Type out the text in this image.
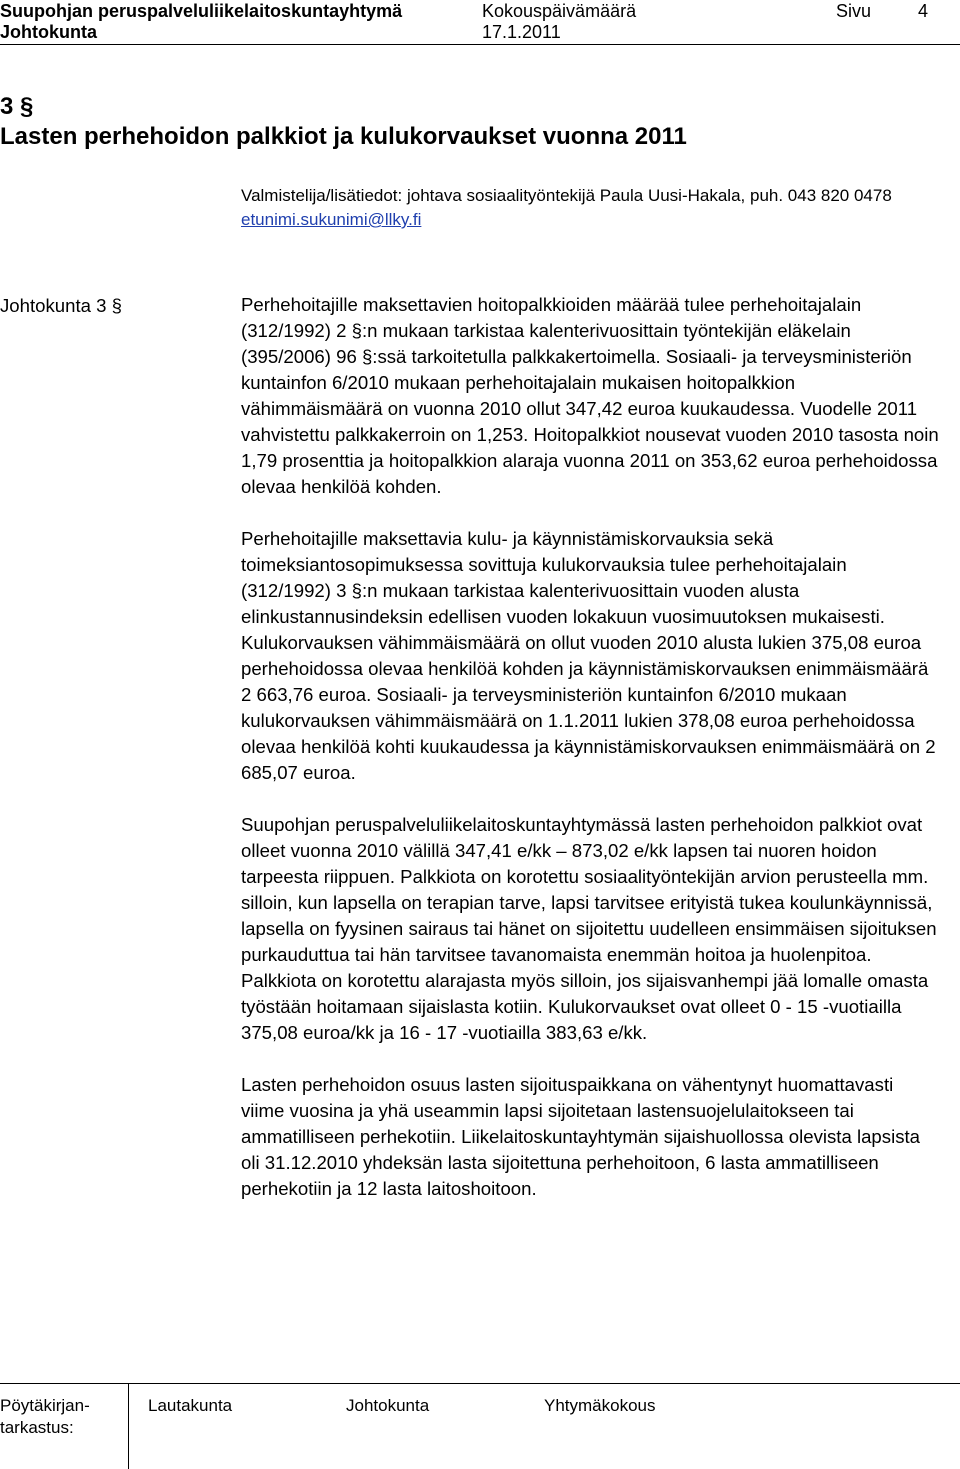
Suupohjan peruspalveluliikelaitoskuntayhtymä	Kokouspäivämäärä	Sivu	4
Johtokunta	17.1.2011
3 §
Lasten perhehoidon palkkiot ja kulukorvaukset vuonna 2011
Valmistelija/lisätiedot: johtava sosiaalityöntekijä Paula Uusi-Hakala, puh. 043 820 0478
etunimi.sukunimi@llky.fi
Johtokunta 3 §	Perhehoitajille maksettavien hoitopalkkioiden määrää tulee perhehoitajalain (312/1992) 2 §:n mukaan tarkistaa kalenterivuosittain työntekijän eläkelain (395/2006) 96 §:ssä tarkoitetulla palkkakertoimella. Sosiaali- ja terveysministeriön kuntainfon 6/2010 mukaan perhehoitajalain mukaisen hoitopalkkion vähimmäismäärä on vuonna 2010 ollut 347,42 euroa kuukaudessa. Vuodelle 2011 vahvistettu palkkakerroin on 1,253. Hoitopalkkiot nousevat vuoden 2010 tasosta noin 1,79 prosenttia ja hoitopalkkion alaraja vuonna 2011 on 353,62 euroa perhehoidossa olevaa henkilöä kohden.

Perhehoitajille maksettavia kulu- ja käynnistämiskorvauksia sekä toimeksiantosopimuksessa sovittuja kulukorvauksia tulee perhehoitajalain (312/1992) 3 §:n mukaan tarkistaa kalenterivuosittain vuoden alusta elinkustannusindeksin edellisen vuoden lokakuun vuosimuutoksen mukaisesti. Kulukorvauksen vähimmäismäärä on ollut vuoden 2010 alusta lukien 375,08 euroa perhehoidossa olevaa henkilöä kohden ja käynnistämiskorvauksen enimmäismäärä 2 663,76 euroa. Sosiaali- ja terveysministeriön kuntainfon 6/2010 mukaan kulukorvauksen vähimmäismäärä on 1.1.2011 lukien 378,08 euroa perhehoidossa olevaa henkilöä kohti kuukaudessa ja käynnistämiskorvauksen enimmäismäärä on 2 685,07 euroa.

Suupohjan peruspalveluliikelaitoskuntayhtymässä lasten perhehoidon palkkiot ovat olleet vuonna 2010 välillä 347,41 e/kk – 873,02 e/kk lapsen tai nuoren hoidon tarpeesta riippuen. Palkkiota on korotettu sosiaalityöntekijän arvion perusteella mm. silloin, kun lapsella on terapian tarve, lapsi tarvitsee erityistä tukea koulunkäynnissä, lapsella on fyysinen sairaus tai hänet on sijoitettu uudelleen ensimmäisen sijoituksen purkauduttua tai hän tarvitsee tavanomaista enemmän hoitoa ja huolenpitoa. Palkkiota on korotettu alarajasta myös silloin, jos sijaisvanhempi jää lomalle omasta työstään hoitamaan sijaislasta kotiin. Kulukorvaukset ovat olleet 0 - 15 -vuotiailla 375,08 euroa/kk ja 16 - 17 -vuotiailla 383,63 e/kk.

Lasten perhehoidon osuus lasten sijoituspaikkana on vähentynyt huomattavasti viime vuosina ja yhä useammin lapsi sijoitetaan lastensuojelulaitokseen tai ammatilliseen perhekotiin. Liikelaitoskuntayhtymän sijaishuollossa olevista lapsista oli 31.12.2010 yhdeksän lasta sijoitettuna perhehoitoon, 6 lasta ammatilliseen perhekotiin ja 12 lasta laitoshoitoon.

Pöytäkirjan- tarkastus:
Lautakunta	Johtokunta	Yhtymäkokous
